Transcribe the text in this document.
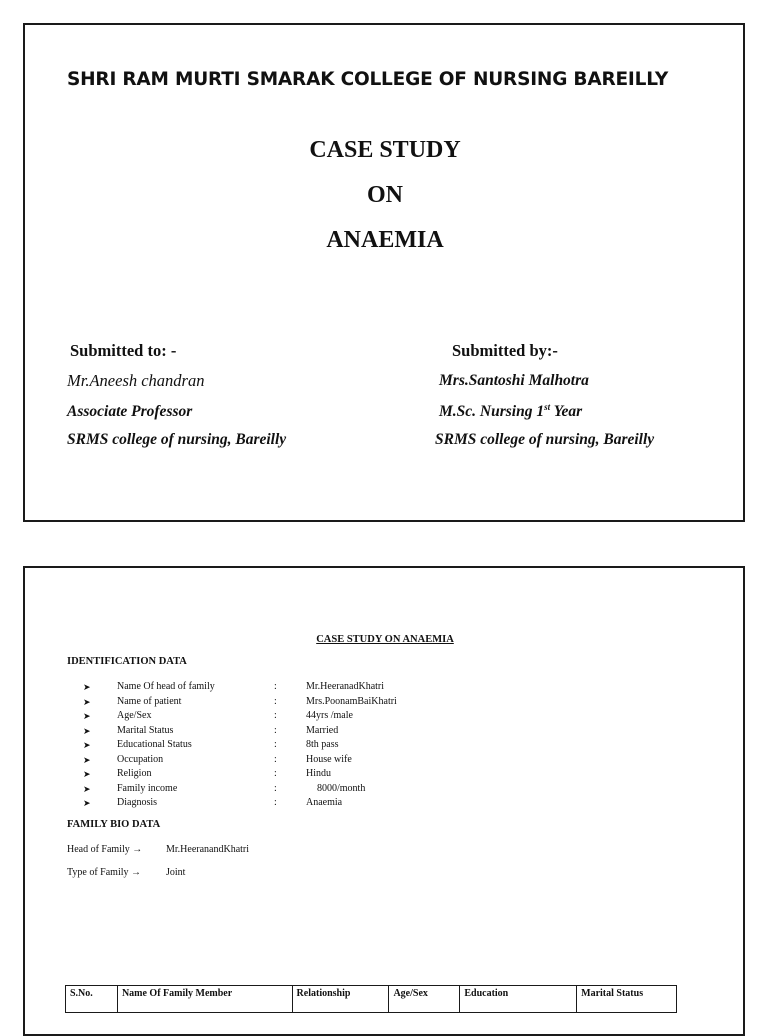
SHRI RAM MURTI SMARAK COLLEGE OF NURSING BAREILLY
CASE STUDY
ON
ANAEMIA
Submitted to: -
Mr.Aneesh chandran
Associate Professor
SRMS college of nursing, Bareilly
Submitted by:-
Mrs.Santoshi Malhotra
M.Sc. Nursing 1st Year
SRMS college of nursing, Bareilly
CASE STUDY ON ANAEMIA
IDENTIFICATION DATA
➤	Name Of head of family	:	Mr.HeeranadKhatri
➤	Name of patient	:	Mrs.PoonamBaiKhatri
➤	Age/Sex	:	44yrs /male
➤	Marital Status	:	Married
➤	Educational Status	:	8th pass
➤	Occupation	:	House wife
➤	Religion	:	Hindu
➤	Family income	:	8000/month
➤	Diagnosis	:	Anaemia
FAMILY BIO DATA
Head of Family → Mr.HeeranandKhatri
Type of Family → Joint
S.No.	Name Of Family Member	Relationship	Age/Sex	Education	Marital Status
